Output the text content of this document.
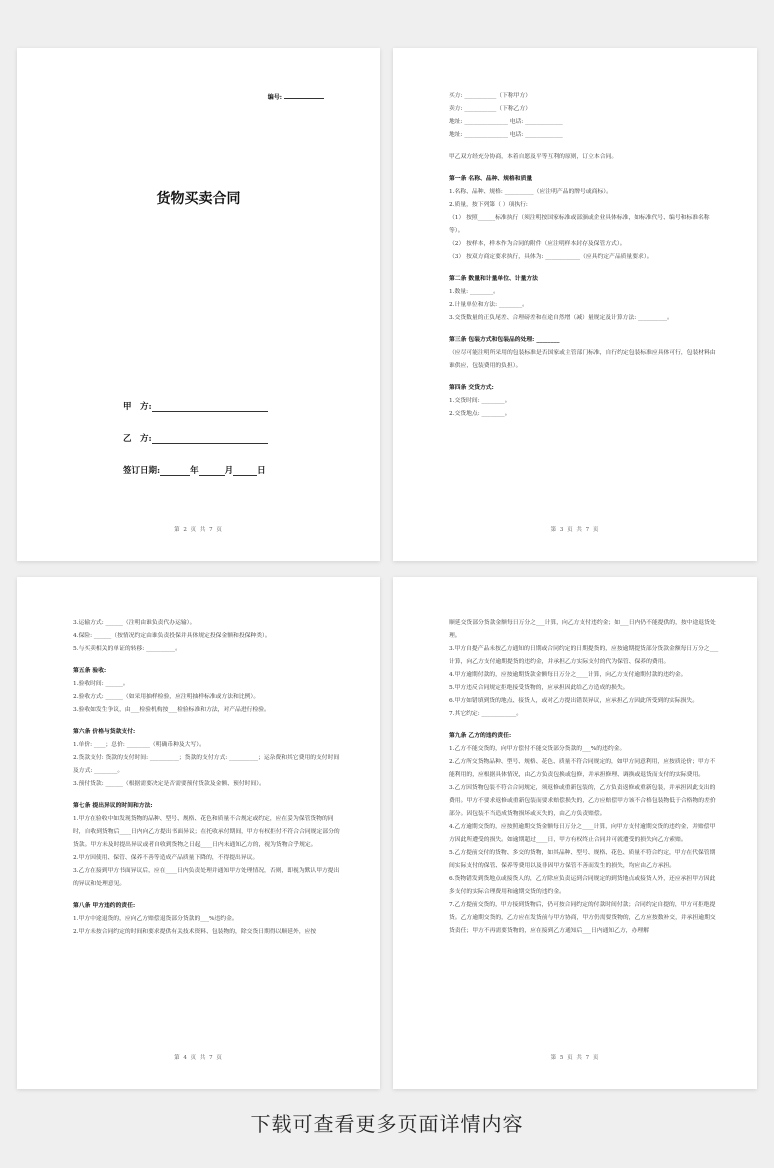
编号:
货物买卖合同
甲　方:
乙　方:
签订日期:	年	月	日
第 2 页 共 7 页
买方: ___________（下称甲方）
卖方: ___________（下称乙方）
地址: _______________ 电话: _____________
地址: _______________ 电话: _____________
甲乙双方经充分协商，本着自愿及平等互利的原则，订立本合同。
第一条 名称、品种、规格和质量
1.名称、品种、规格: __________（应注明产品的牌号或商标）。
2.质量，按下列第（ ）项执行:
（1） 按照______标准执行（须注明按国家标准或部颁或企业具体标准，如标准代号、编号和标准名称等）。
（2） 按样本，样本作为合同的附件（应注明样本封存及保管方式）。
（3） 按双方商定要求执行，具体为: ____________（应具约定产品质量要求）。
第二条 数量和计量单位、计量方法
1.数量: ________。
2.计量单位和方法: ________。
3.交货数量的正负尾差、合理磅差和在途自然增（减）量规定及计算方法: __________。
第三条 包装方式和包装品的处理: ________
（应尽可能注明所采用的包装标准是否国家或主管部门标准，自行约定包装标准应具体可行，包装材料由谁供应，包装费用的负担）。
第四条 交货方式:
1.交货时间: ________。
2.交货地点: ________。
第 3 页 共 7 页
3.运输方式: ______（注明由谁负责代办运输）。
4.保险: ______（按情况约定由谁负责投保并具体规定投保金额和投保种类）。
5.与买卖相关的单证的转移: __________。
第五条 验收:
1.验收时间: ______。
2.验收方式: ______（如采用抽样检验，应注明抽样标准或方法和比例）。
3.验收如发生争议，由___检验机构按___检验标准和方法，对产品进行检验。
第六条 价格与货款支付:
1.单价: ____；总价: ________（明确币种及大写）。
2.货款支付: 货款的支付时间: __________；货款的支付方式: __________；运杂费和其它费用的支付时间及方式: ________。
3.预付货款: ______（根据需要决定是否需要预付货款及金额、预付时间）。
第七条 提出异议的时间和方法:
1.甲方在验收中如发现货物的品种、型号、规格、花色和质量不合规定或约定，应在妥为保管货物的同时，自收到货物后____日内向乙方提出书面异议；在托收承付期间，甲方有权拒付不符合合同规定部分的货款。甲方未及时提出异议或者自收到货物之日起____日内未通知乙方的，视为货物合乎规定。
2.甲方因使用、保管、保养不善等造成产品质量下降的，不得提出异议。
3.乙方在接到甲方书面异议后，应在____日内负责处理并通知甲方处理情况，否则，即视为默认甲方提出的异议和处理意见。
第八条 甲方违约的责任:
1.甲方中途退货的，应向乙方赔偿退货部分货款的___%违约金。
2.甲方未按合同约定的时间和要求提供有关技术资料、包装物的，除交货日期得以顺延外，应按
第 4 页 共 7 页
顺延交货部分货款金额每日万分之___计算，向乙方支付违约金；如___日内仍不能提供的，按中途退货处理。
3.甲方自提产品未按乙方通知的日期或合同约定的日期提货的，应按逾期提货部分货款金额每日万分之___计算，向乙方支付逾期提货的违约金，并承担乙方实际支付的代为保管、保养的费用。
4.甲方逾期付款的，应按逾期货款金额每日万分之____计算，向乙方支付逾期付款的违约金。
5.甲方违反合同规定拒绝接受货物的，应承担因此给乙方造成的损失。
6.甲方如错填到货的地点、接货人，或对乙方提出错误异议，应承担乙方因此所受到的实际损失。
7.其它约定: ____________。
第九条 乙方的违约责任:
1.乙方不能交货的，向甲方偿付不能交货部分货款的___%的违约金。
2.乙方所交货物品种、型号、规格、花色、质量不符合同规定的，如甲方同意利用，应按质论价；甲方不能利用的，应根据具体情况，由乙方负责包换或包修，并承担修理、调换或退货而支付的实际费用。
3.乙方因货物包装不符合合同规定，须返修或重新包装的，乙方负责返修或重新包装，并承担因此支出的费用。甲方不要求返修或重新包装而要求赔偿损失的，乙方应赔偿甲方该不合格包装物低于合格物的差价部分。因包装不当造成货物损坏或灭失的，由乙方负责赔偿。
4.乙方逾期交货的，应按照逾期交货金额每日万分之____计算，向甲方支付逾期交货的违约金，并赔偿甲方因此所遭受的损失。如逾期超过____日，甲方有权终止合同并可就遭受的损失向乙方索赔。
5.乙方提前交付的货物、多交的货物，如其品种、型号、规格、花色、质量不符合约定，甲方在代保管期间实际支付的保管、保养等费用以及非因甲方保管不善而发生的损失，均应由乙方承担。
6.货物错发到货地点或接货人的，乙方除应负责运到合同规定的到货地点或接货人外，还应承担甲方因此多支付的实际合理费用和逾期交货的违约金。
7.乙方提前交货的，甲方接到货物后，仍可按合同约定的付款时间付款；合同约定自提的，甲方可拒绝提货。乙方逾期交货的，乙方应在发货前与甲方协商，甲方仍需要货物的，乙方应按数补交，并承担逾期交货责任；甲方不再需要货物的，应在接到乙方通知后___日内通知乙方，办理解
第 5 页 共 7 页
下载可查看更多页面详情内容
